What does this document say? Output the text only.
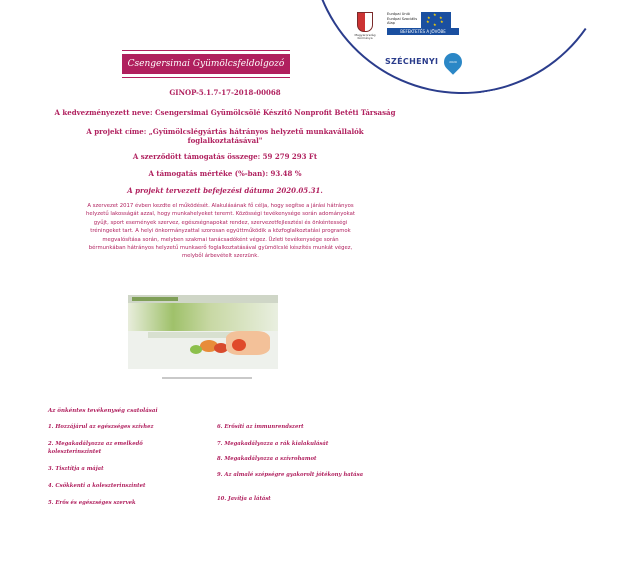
Magyarország Kormánya
Európai Unió Európai Szociális Alap
★
★ ★
★	★
★
BEFEKTETÉS A JÖVŐBE
SZÉCHENYI	2020
Csengersimai Gyümölcsfeldolgozó
GINOP-5.1.7-17-2018-00068
A kedvezményezett neve: Csengersimai Gyümölcsölé Készítő Nonprofit Betéti Társaság
A projekt címe: „Gyümölcslégyártás hátrányos helyzetű munkavállalók
foglalkoztatásával"
A szerződött támogatás összege: 59 279 293 Ft
A támogatás mértéke (%-ban): 93.48 %
A projekt tervezett befejezési dátuma 2020.05.31.
A szervezet 2017 évben kezdte el működését. Alakulásának fő célja, hogy segítse a járási hátrányos
helyzetű lakosságát azzal, hogy munkahelyeket teremt. Közösségi tevékenysége során adományokat
gyűjt, sport események szervez, egészségnapokat rendez, szervezetfejlesztési és önkéntességi
tréningeket tart. A helyi önkormányzattal szorosan együttműködik a közfoglalkoztatási programok
megvalósítása során, melyben szakmai tanácsadóként végez. Üzleti tevékenysége során
bérmunkában hátrányos helyzetű munkaerő foglalkoztatásával gyümölcslé készítés munkát végez,
melyből árbevételt szerzünk.
Az önkéntes tevékenység csatolásai
1. Hozzájárul az egészséges szívhez
2. Megakadályozza az emelkedő koleszterinszintet
3. Tisztítja a májat
4. Csökkenti a koleszterinszintet
5. Erős és egészséges szervek
6. Erősíti az immunrendszert
7. Megakadályozza a rák kialakulását
8. Megakadályozza a szívrohamot
9. Az almalé szépségre gyakorolt jótékony hatása
10. Javítja a látást
